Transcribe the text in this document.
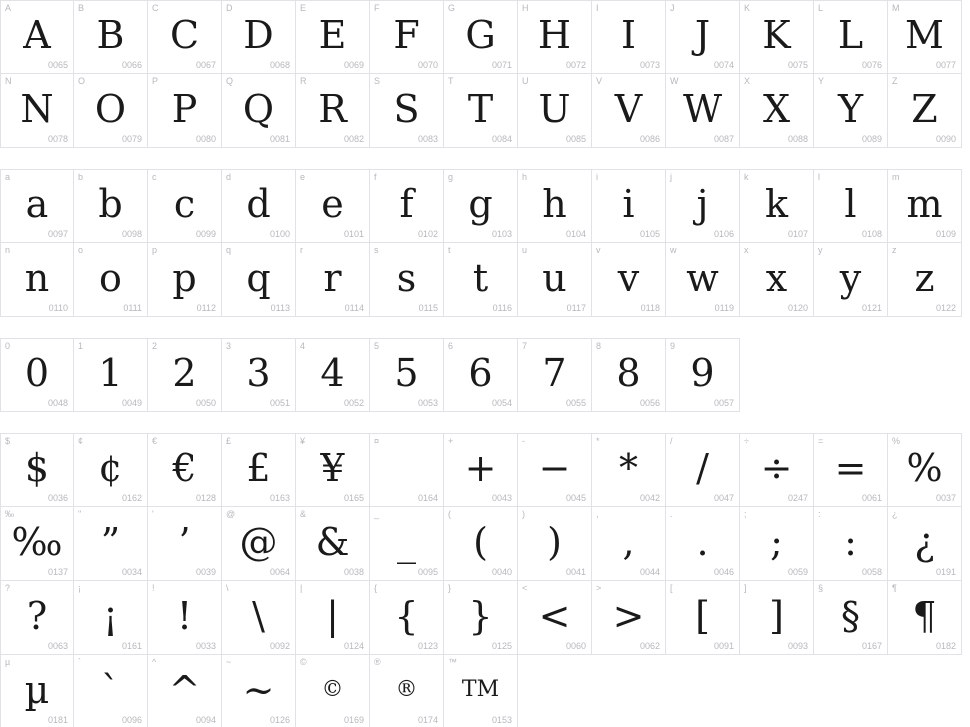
A
A
0065
B
B
0066
C
C
0067
D
D
0068
E
E
0069
F
F
0070
G
G
0071
H
H
0072
I
I
0073
J
J
0074
K
K
0075
L
L
0076
M
M
0077
N
N
0078
O
O
0079
P
P
0080
Q
Q
0081
R
R
0082
S
S
0083
T
T
0084
U
U
0085
V
V
0086
W
W
0087
X
X
0088
Y
Y
0089
Z
Z
0090
a
a
0097
b
b
0098
c
c
0099
d
d
0100
e
e
0101
f
f
0102
g
g
0103
h
h
0104
i
i
0105
j
j
0106
k
k
0107
l
l
0108
m
m
0109
n
n
0110
o
o
0111
p
p
0112
q
q
0113
r
r
0114
s
s
0115
t
t
0116
u
u
0117
v
v
0118
w
w
0119
x
x
0120
y
y
0121
z
z
0122
0
0
0048
1
1
0049
2
2
0050
3
3
0051
4
4
0052
5
5
0053
6
6
0054
7
7
0055
8
8
0056
9
9
0057
$
$
0036
¢
¢
0162
€
€
0128
£
£
0163
¥
¥
0165
¤
0164
+
+
0043
-
−
0045
*
*
0042
/
/
0047
÷
÷
0247
=
=
0061
%
%
0037
‰
‰
0137
"
”
0034
'
’
0039
@
@
0064
&
&
0038
_
_
0095
(
(
0040
)
)
0041
,
,
0044
.
.
0046
;
;
0059
:
:
0058
¿
¿
0191
?
?
0063
¡
¡
0161
!
!
0033
\
\
0092
|
|
0124
{
{
0123
}
}
0125
<
<
0060
>
>
0062
[
[
0091
]
]
0093
§
§
0167
¶
¶
0182
µ
µ
0181
`
`
0096
^
^
0094
~
~
0126
©
©
0169
®
®
0174
™
TM
0153
